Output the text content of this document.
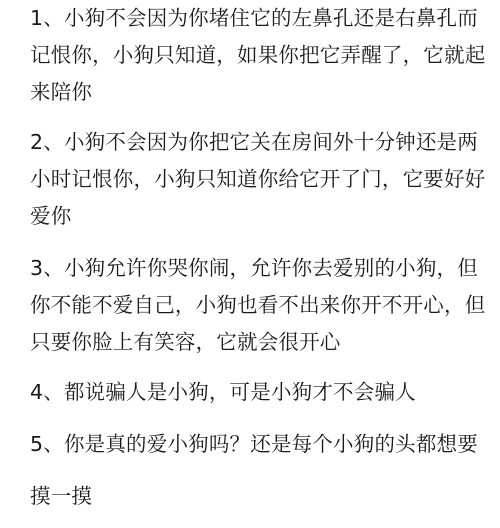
1、小狗不会因为你堵住它的左鼻孔还是右鼻孔而
记恨你，小狗只知道，如果你把它弄醒了，它就起
来陪你
2、小狗不会因为你把它关在房间外十分钟还是两
小时记恨你，小狗只知道你给它开了门，它要好好
爱你
3、小狗允许你哭你闹，允许你去爱别的小狗，但
你不能不爱自己，小狗也看不出来你开不开心，但
只要你脸上有笑容，它就会很开心
4、都说骗人是小狗，可是小狗才不会骗人
5、你是真的爱小狗吗？还是每个小狗的头都想要
摸一摸
